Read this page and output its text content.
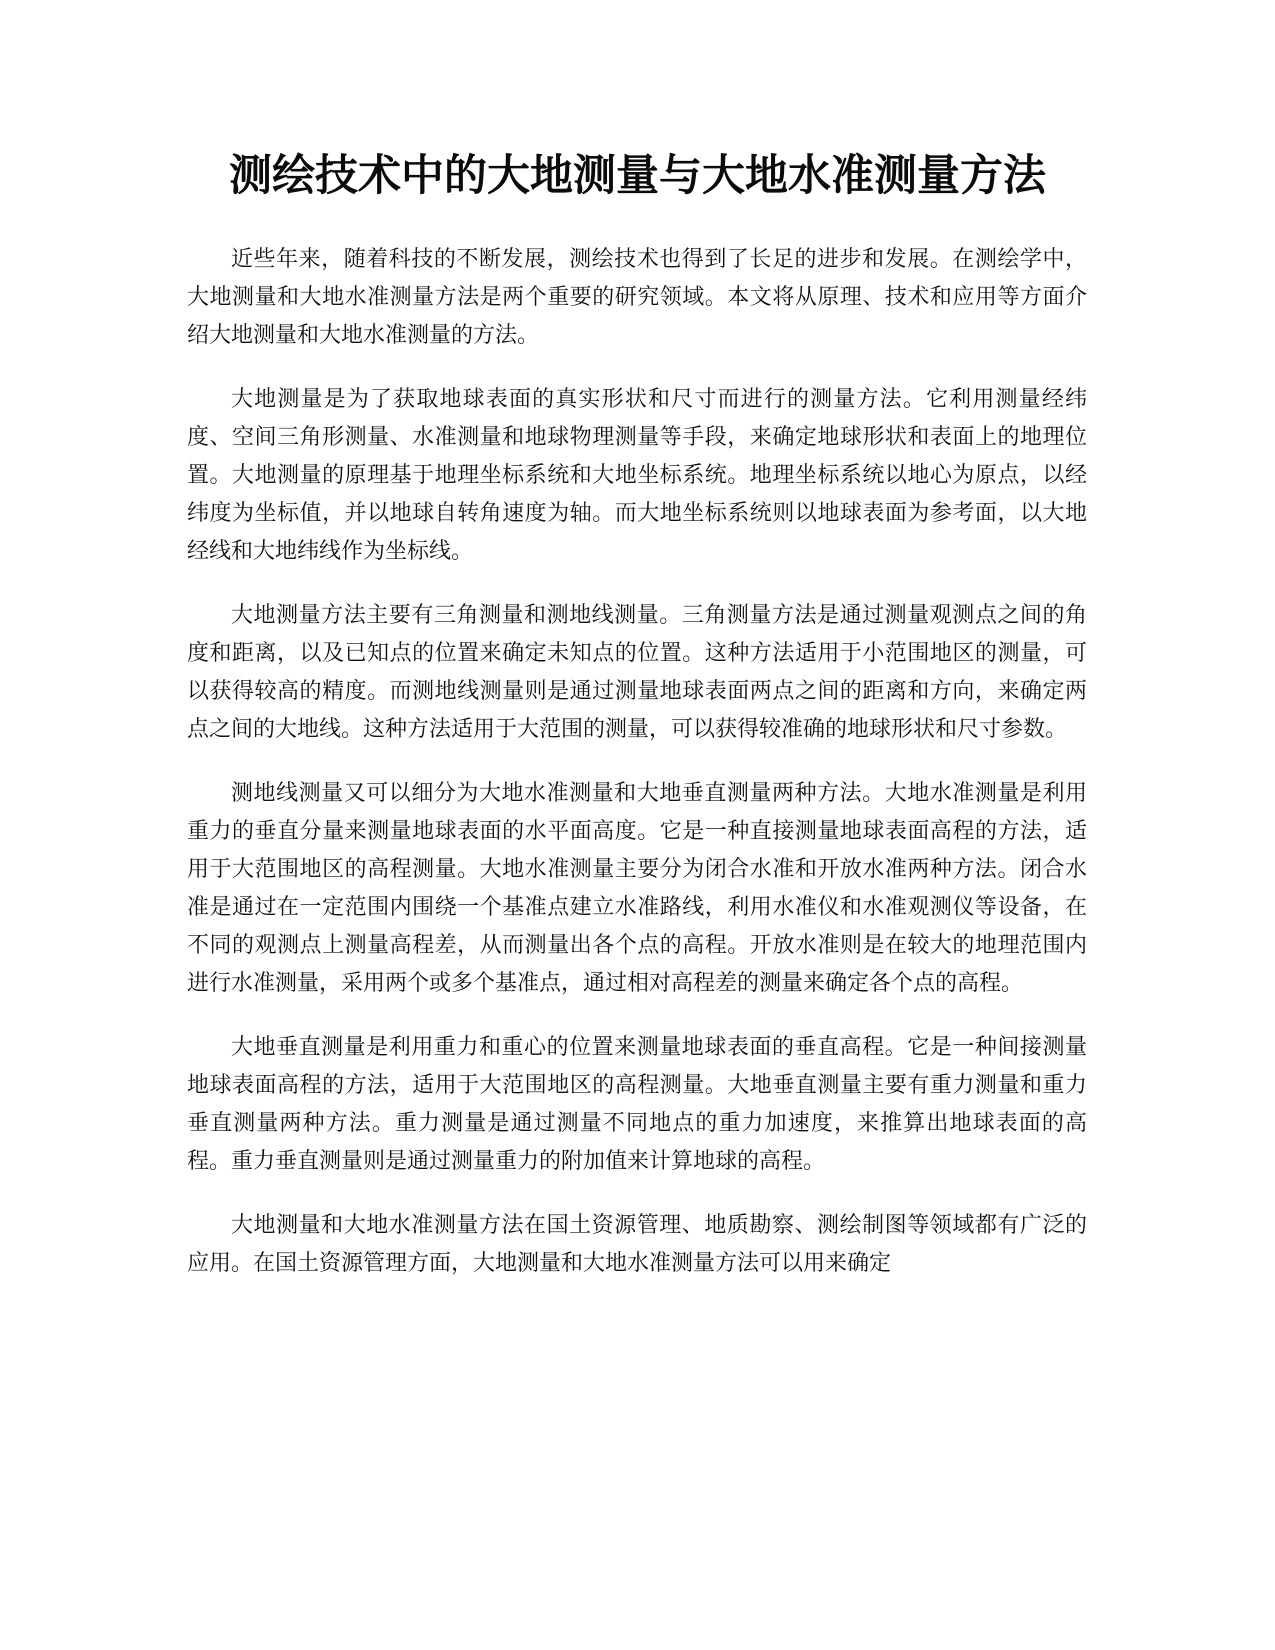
测绘技术中的大地测量与大地水准测量方法

近些年来，随着科技的不断发展，测绘技术也得到了长足的进步和发展。在测绘学中，大地测量和大地水准测量方法是两个重要的研究领域。本文将从原理、技术和应用等方面介绍大地测量和大地水准测量的方法。

大地测量是为了获取地球表面的真实形状和尺寸而进行的测量方法。它利用测量经纬度、空间三角形测量、水准测量和地球物理测量等手段，来确定地球形状和表面上的地理位置。大地测量的原理基于地理坐标系统和大地坐标系统。地理坐标系统以地心为原点，以经纬度为坐标值，并以地球自转角速度为轴。而大地坐标系统则以地球表面为参考面，以大地经线和大地纬线作为坐标线。

大地测量方法主要有三角测量和测地线测量。三角测量方法是通过测量观测点之间的角度和距离，以及已知点的位置来确定未知点的位置。这种方法适用于小范围地区的测量，可以获得较高的精度。而测地线测量则是通过测量地球表面两点之间的距离和方向，来确定两点之间的大地线。这种方法适用于大范围的测量，可以获得较准确的地球形状和尺寸参数。

测地线测量又可以细分为大地水准测量和大地垂直测量两种方法。大地水准测量是利用重力的垂直分量来测量地球表面的水平面高度。它是一种直接测量地球表面高程的方法，适用于大范围地区的高程测量。大地水准测量主要分为闭合水准和开放水准两种方法。闭合水准是通过在一定范围内围绕一个基准点建立水准路线，利用水准仪和水准观测仪等设备，在不同的观测点上测量高程差，从而测量出各个点的高程。开放水准则是在较大的地理范围内进行水准测量，采用两个或多个基准点，通过相对高程差的测量来确定各个点的高程。

大地垂直测量是利用重力和重心的位置来测量地球表面的垂直高程。它是一种间接测量地球表面高程的方法，适用于大范围地区的高程测量。大地垂直测量主要有重力测量和重力垂直测量两种方法。重力测量是通过测量不同地点的重力加速度，来推算出地球表面的高程。重力垂直测量则是通过测量重力的附加值来计算地球的高程。

大地测量和大地水准测量方法在国土资源管理、地质勘察、测绘制图等领域都有广泛的应用。在国土资源管理方面，大地测量和大地水准测量方法可以用来确定
